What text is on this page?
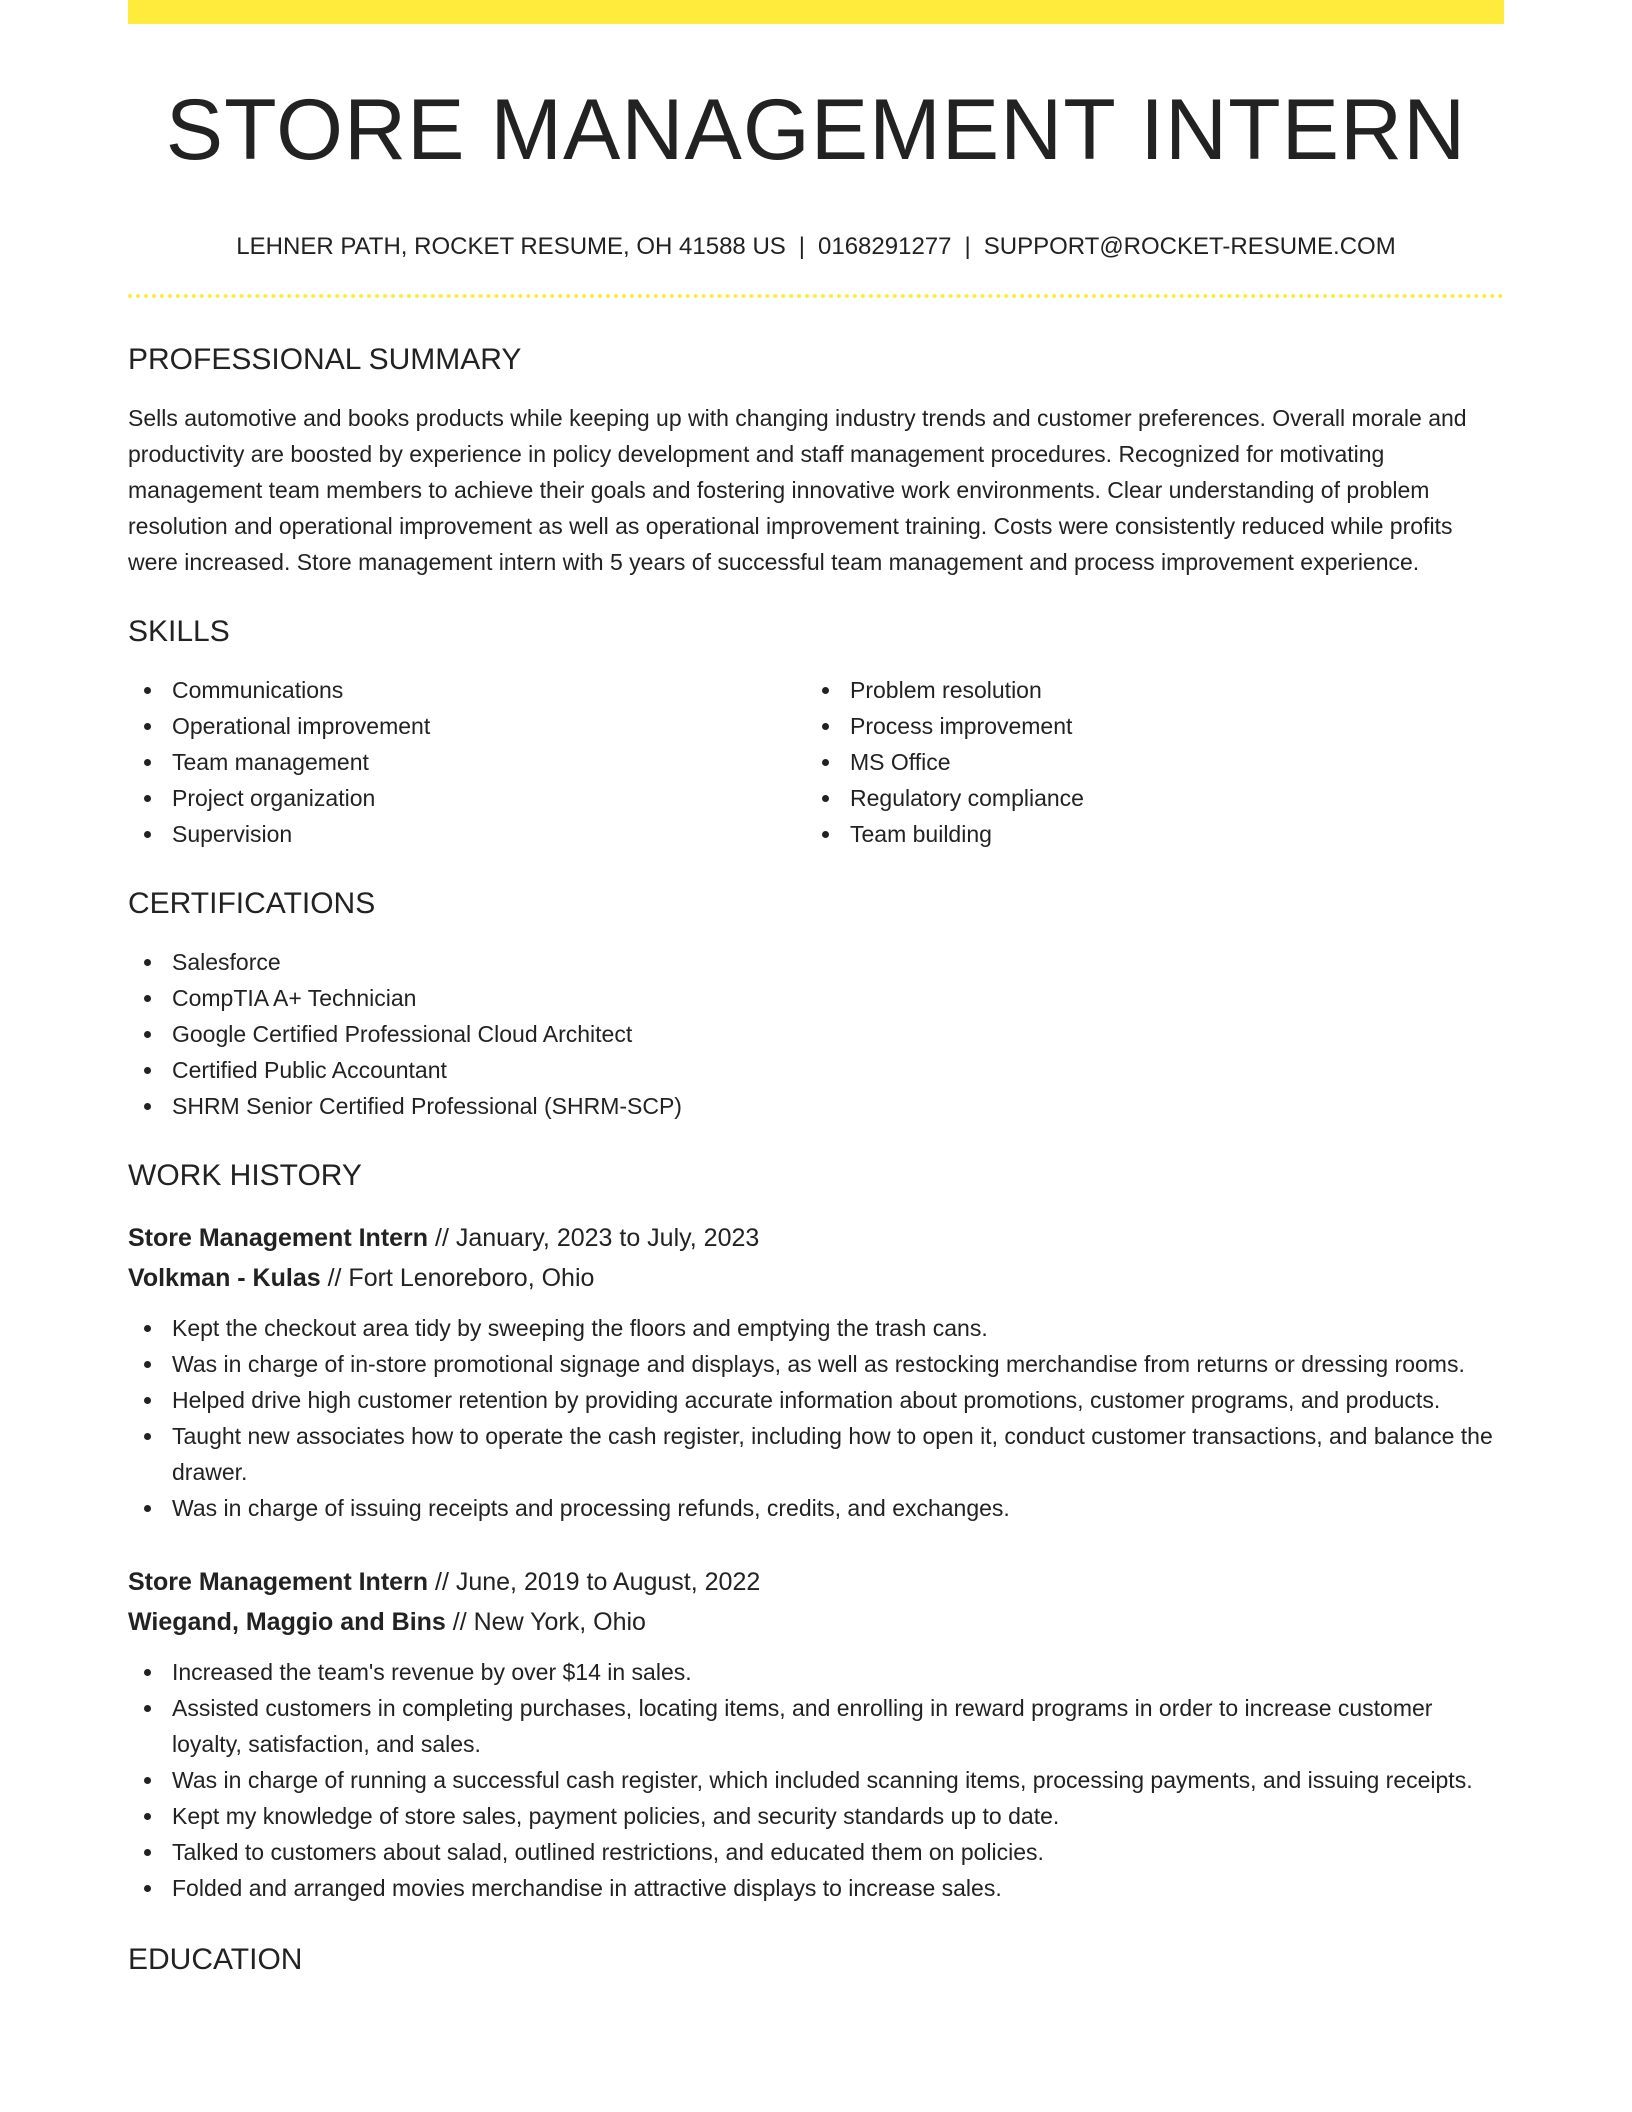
STORE MANAGEMENT INTERN
LEHNER PATH, ROCKET RESUME, OH 41588 US | 0168291277 | SUPPORT@ROCKET-RESUME.COM
PROFESSIONAL SUMMARY

Sells automotive and books products while keeping up with changing industry trends and customer preferences. Overall morale and productivity are boosted by experience in policy development and staff management procedures. Recognized for motivating management team members to achieve their goals and fostering innovative work environments. Clear understanding of problem resolution and operational improvement as well as operational improvement training. Costs were consistently reduced while profits were increased. Store management intern with 5 years of successful team management and process improvement experience.

SKILLS
Communications
Operational improvement
Team management
Project organization
Supervision
Problem resolution
Process improvement
MS Office
Regulatory compliance
Team building
CERTIFICATIONS
Salesforce
CompTIA A+ Technician
Google Certified Professional Cloud Architect
Certified Public Accountant
SHRM Senior Certified Professional (SHRM-SCP)
WORK HISTORY
Store Management Intern // January, 2023 to July, 2023
Volkman - Kulas // Fort Lenoreboro, Ohio
Kept the checkout area tidy by sweeping the floors and emptying the trash cans.
Was in charge of in-store promotional signage and displays, as well as restocking merchandise from returns or dressing rooms.
Helped drive high customer retention by providing accurate information about promotions, customer programs, and products.
Taught new associates how to operate the cash register, including how to open it, conduct customer transactions, and balance the drawer.
Was in charge of issuing receipts and processing refunds, credits, and exchanges.
Store Management Intern // June, 2019 to August, 2022
Wiegand, Maggio and Bins // New York, Ohio
Increased the team's revenue by over $14 in sales.
Assisted customers in completing purchases, locating items, and enrolling in reward programs in order to increase customer loyalty, satisfaction, and sales.
Was in charge of running a successful cash register, which included scanning items, processing payments, and issuing receipts.
Kept my knowledge of store sales, payment policies, and security standards up to date.
Talked to customers about salad, outlined restrictions, and educated them on policies.
Folded and arranged movies merchandise in attractive displays to increase sales.
EDUCATION
